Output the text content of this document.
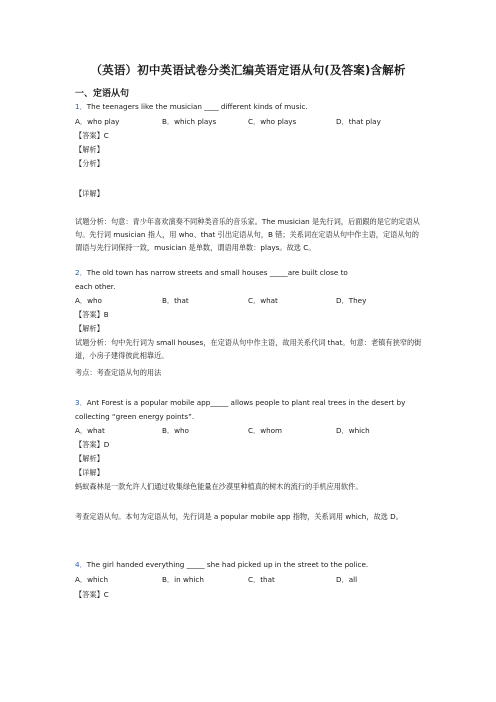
（英语）初中英语试卷分类汇编英语定语从句(及答案)含解析
一、定语从句
1．The teenagers like the musician ____ different kinds of music.
A．who play	B．which plays	C．who plays	D．that play
【答案】C
【解析】
【分析】
【详解】
试题分析：句意：青少年喜欢演奏不同种类音乐的音乐家。The musician 是先行词，后面跟的是它的定语从句。先行词 musician 指人，用 who、that 引出定语从句，B 错；关系词在定语从句中作主语，定语从句的谓语与先行词保持一致，musician 是单数，谓语用单数：plays。故选 C。
2．The old town has narrow streets and small houses _____are built close to
each other.
A．who	B．that	C．what	D．They
【答案】B
【解析】
试题分析：句中先行词为 small houses，在定语从句中作主语，故用关系代词 that。句意：老镇有狭窄的街道，小房子建得彼此相靠近。
考点：考查定语从句的用法
3．Ant Forest is a popular mobile app_____ allows people to plant real trees in the desert by
collecting “green energy points”.
A．what	B．who	C．whom	D．which
【答案】D
【解析】
【详解】
蚂蚁森林是一款允许人们通过收集绿色能量在沙漠里种植真的树木的流行的手机应用软件。
考查定语从句。本句为定语从句，先行词是 a popular mobile app 指物，关系词用 which，故选 D。
4．The girl handed everything _____ she had picked up in the street to the police.
A．which	B．in which	C．that	D．all
【答案】C
